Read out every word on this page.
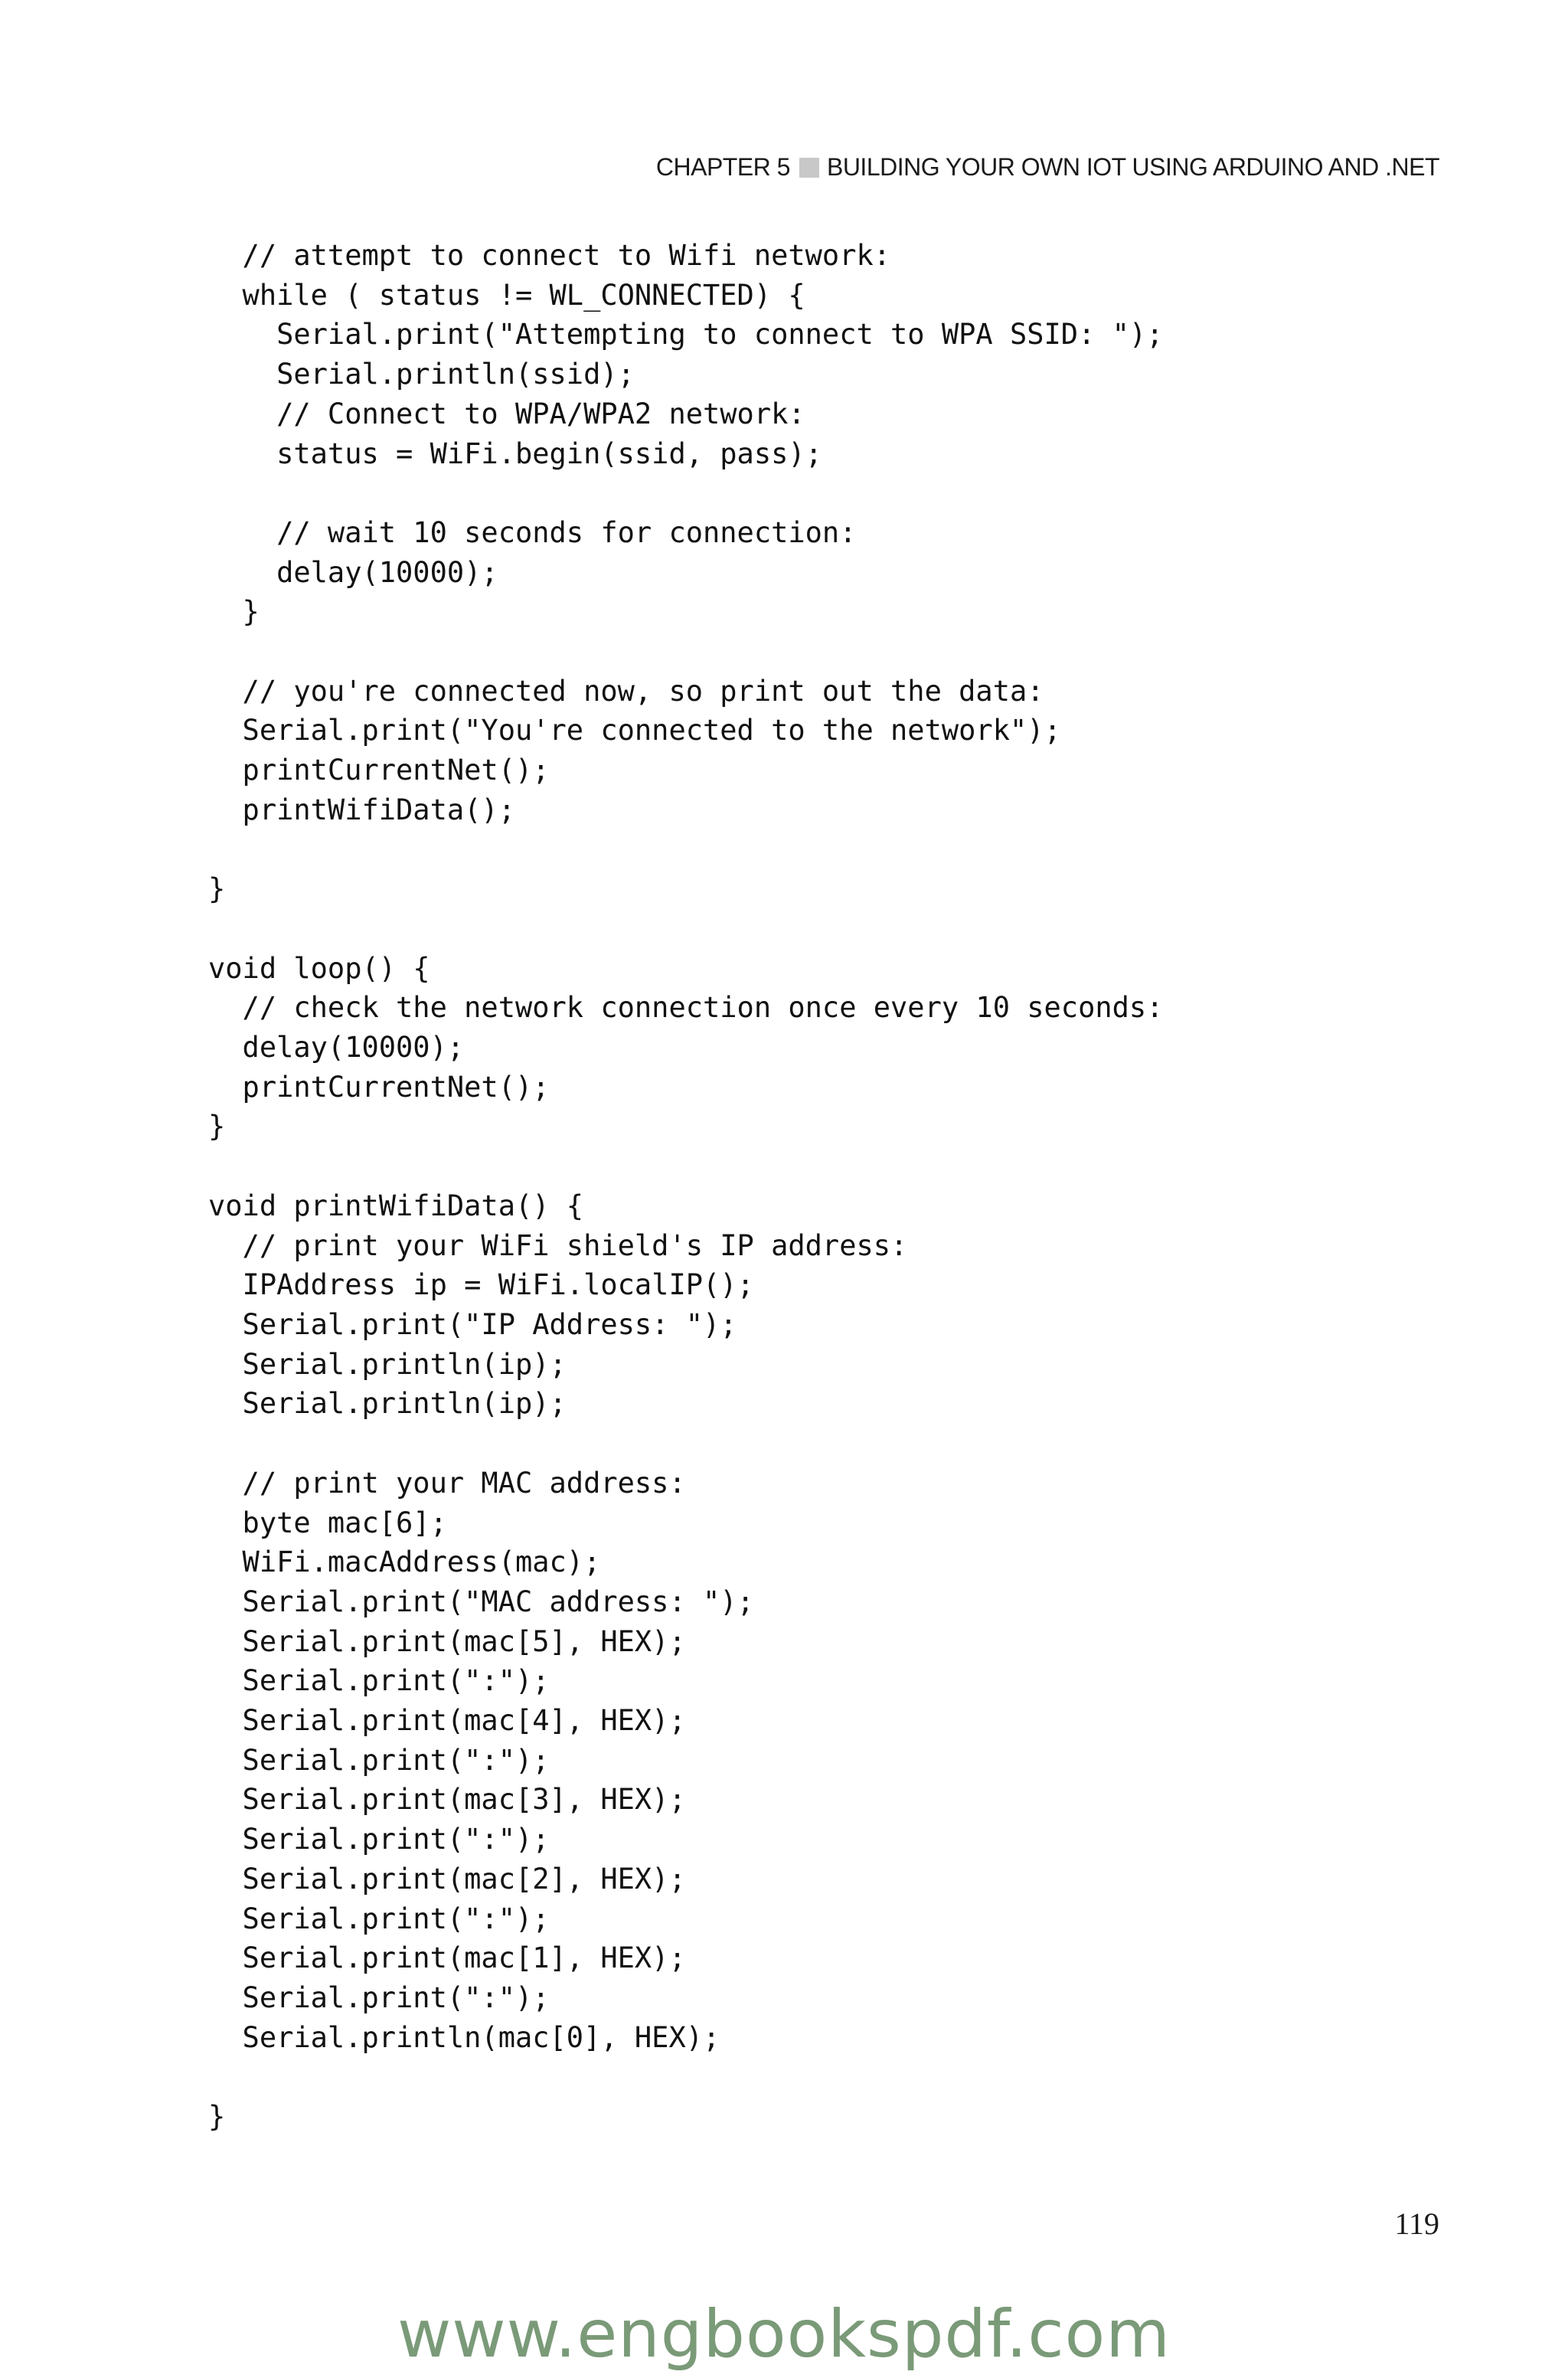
CHAPTER 5 BUILDING YOUR OWN IOT USING ARDUINO AND .NET
// attempt to connect to Wifi network:
while ( status != WL_CONNECTED) {
Serial.print("Attempting to connect to WPA SSID: ");
Serial.println(ssid);
// Connect to WPA/WPA2 network:
status = WiFi.begin(ssid, pass);

// wait 10 seconds for connection:
delay(10000);
}

// you're connected now, so print out the data:
Serial.print("You're connected to the network");
printCurrentNet();
printWifiData();

}

void loop() {
// check the network connection once every 10 seconds:
delay(10000);
printCurrentNet();
}

void printWifiData() {
// print your WiFi shield's IP address:
IPAddress ip = WiFi.localIP();
Serial.print("IP Address: ");
Serial.println(ip);
Serial.println(ip);

// print your MAC address:
byte mac[6];
WiFi.macAddress(mac);
Serial.print("MAC address: ");
Serial.print(mac[5], HEX);
Serial.print(":");
Serial.print(mac[4], HEX);
Serial.print(":");
Serial.print(mac[3], HEX);
Serial.print(":");
Serial.print(mac[2], HEX);
Serial.print(":");
Serial.print(mac[1], HEX);
Serial.print(":");
Serial.println(mac[0], HEX);

}
119
www.engbookspdf.com
